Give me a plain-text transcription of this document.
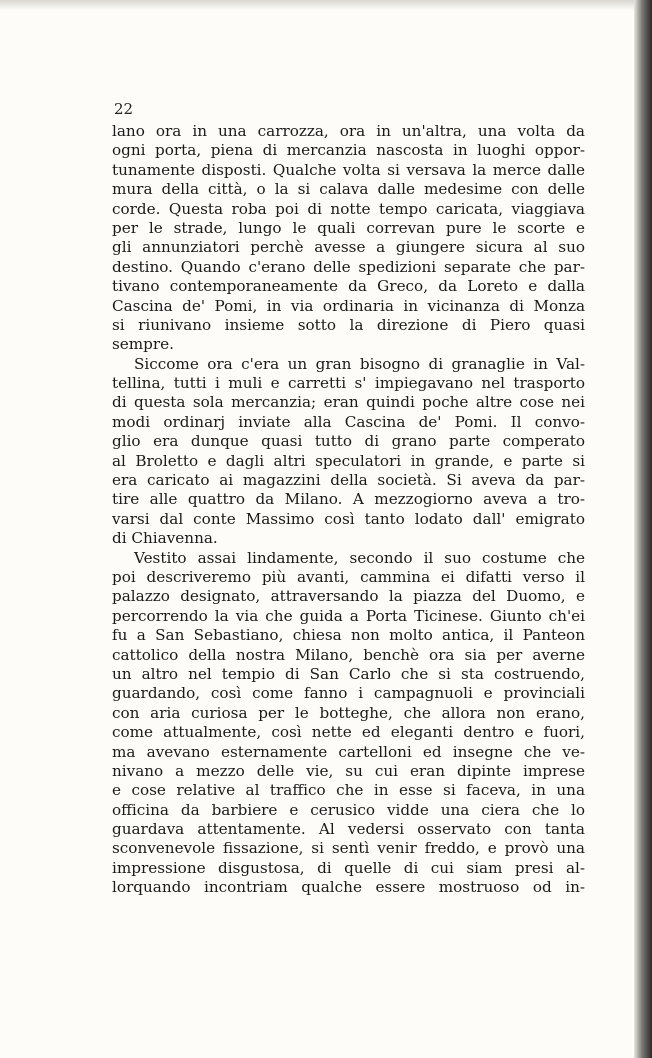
22

lano ora in una carrozza, ora in un'altra, una volta da
ogni porta, piena di mercanzia nascosta in luoghi oppor-
tunamente disposti. Qualche volta si versava la merce dalle
mura della città, o la si calava dalle medesime con delle
corde. Questa roba poi di notte tempo caricata, viaggiava
per le strade, lungo le quali correvan pure le scorte e
gli annunziatori perchè avesse a giungere sicura al suo
destino. Quando c'erano delle spedizioni separate che par-
tivano contemporaneamente da Greco, da Loreto e dalla
Cascina de' Pomi, in via ordinaria in vicinanza di Monza
si riunivano insieme sotto la direzione di Piero quasi
sempre.
Siccome ora c'era un gran bisogno di granaglie in Val-
tellina, tutti i muli e carretti s' impiegavano nel trasporto
di questa sola mercanzia; eran quindi poche altre cose nei
modi ordinarj inviate alla Cascina de' Pomi. Il convo-
glio era dunque quasi tutto di grano parte comperato
al Broletto e dagli altri speculatori in grande, e parte si
era caricato ai magazzini della società. Si aveva da par-
tire alle quattro da Milano. A mezzogiorno aveva a tro-
varsi dal conte Massimo così tanto lodato dall' emigrato
di Chiavenna.
Vestito assai lindamente, secondo il suo costume che
poi descriveremo più avanti, cammina ei difatti verso il
palazzo designato, attraversando la piazza del Duomo, e
percorrendo la via che guida a Porta Ticinese. Giunto ch'ei
fu a San Sebastiano, chiesa non molto antica, il Panteon
cattolico della nostra Milano, benchè ora sia per averne
un altro nel tempio di San Carlo che si sta costruendo,
guardando, così come fanno i campagnuoli e provinciali
con aria curiosa per le botteghe, che allora non erano,
come attualmente, così nette ed eleganti dentro e fuori,
ma avevano esternamente cartelloni ed insegne che ve-
nivano a mezzo delle vie, su cui eran dipinte imprese
e cose relative al traffico che in esse si faceva, in una
officina da barbiere e cerusico vidde una ciera che lo
guardava attentamente. Al vedersi osservato con tanta
sconvenevole fissazione, si sentì venir freddo, e provò una
impressione disgustosa, di quelle di cui siam presi al-
lorquando incontriam qualche essere mostruoso od in-
